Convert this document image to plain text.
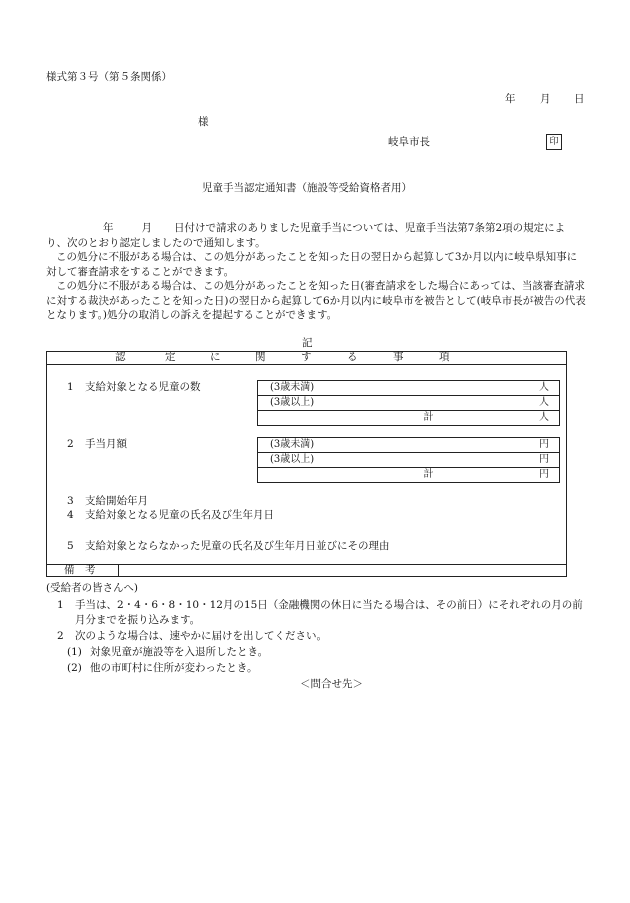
様式第３号（第５条関係）
年 月 日
様
岐阜市長	印
児童手当認定通知書（施設等受給資格者用）

年	月 日付けで請求のありました児童手当については、児童手当法第7条第2項の規定により、次のとおり認定しましたので通知します。

この処分に不服がある場合は、この処分があったことを知った日の翌日から起算して3か月以内に岐阜県知事に対して審査請求をすることができます。

この処分に不服がある場合は、この処分があったことを知った日(審査請求をした場合にあっては、当該審査請求に対する裁決があったことを知った日)の翌日から起算して6か月以内に岐阜市を被告として(岐阜市長が被告の代表となります。)処分の取消しの訴えを提起することができます。

記
認	定	に	関	す	る	事	項
1 支給対象となる児童の数	(3歳未満)	人
(3歳以上)	人
計	人
2 手当月額	(3歳未満)	円
(3歳以上)	円
計	円
3 支給開始年月
4 支給対象となる児童の氏名及び生年月日
5 支給対象とならなかった児童の氏名及び生年月日並びにその理由
備　考
(受給者の皆さんへ)
1 手当は、2・4・6・8・10・12月の15日（金融機関の休日に当たる場合は、その前日）にそれぞれの月の前月分までを振り込みます。
2 次のような場合は、速やかに届けを出してください。
(1) 対象児童が施設等を入退所したとき。
(2) 他の市町村に住所が変わったとき。
＜問合せ先＞
